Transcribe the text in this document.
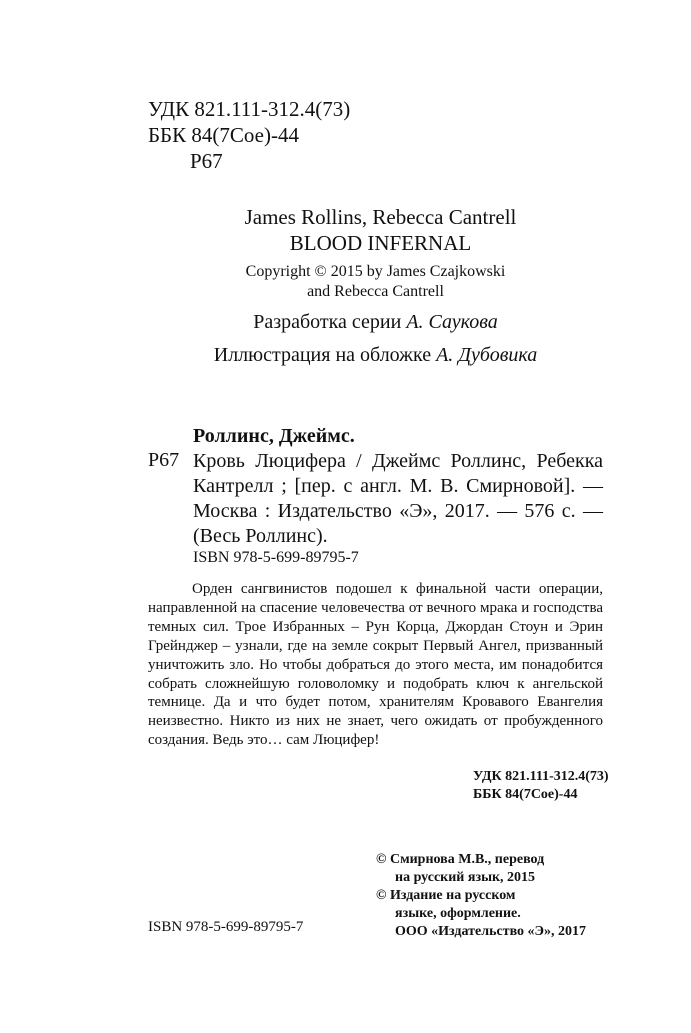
УДК 821.111-312.4(73)
ББК 84(7Сое)-44
Р67
James Rollins, Rebecca Cantrell
BLOOD INFERNAL
Copyright © 2015 by James Czajkowski
and Rebecca Cantrell
Разработка серии А. Саукова
Иллюстрация на обложке А. Дубовика
Роллинс, Джеймс.
Р67 Кровь Люцифера / Джеймс Роллинс, Ребекка Кантрелл ; [пер. с англ. М. В. Смирновой]. — Москва : Издательство «Э», 2017. — 576 с. — (Весь Роллинс).
ISBN 978-5-699-89795-7
Орден сангвинистов подошел к финальной части операции, направленной на спасение человечества от вечного мрака и господства темных сил. Трое Избранных – Рун Корца, Джордан Стоун и Эрин Грейнджер – узнали, где на земле сокрыт Первый Ангел, призванный уничтожить зло. Но чтобы добраться до этого места, им понадобится собрать сложнейшую головоломку и подобрать ключ к ангельской темнице. Да и что будет потом, хранителям Кровавого Евангелия неизвестно. Никто из них не знает, чего ожидать от пробужденного создания. Ведь это… сам Люцифер!
УДК 821.111-312.4(73)
ББК 84(7Сое)-44
© Смирнова М.В., перевод
на русский язык, 2015
© Издание на русском
языке, оформление.
ООО «Издательство «Э», 2017
ISBN 978-5-699-89795-7
